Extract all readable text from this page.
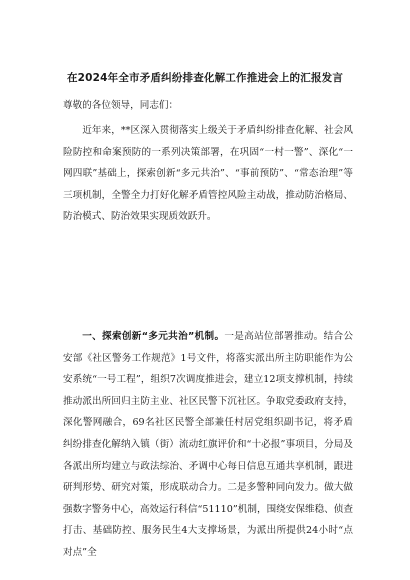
在2024年全市矛盾纠纷排查化解工作推进会上的汇报发言
尊敬的各位领导，同志们：

近年来，**区深入贯彻落实上级关于矛盾纠纷排查化解、社会风险防控和命案预防的一系列决策部署，在巩固“一村一警”、深化“一网四联”基础上，探索创新“多元共治”、“事前预防”、“常态治理”等三项机制，全警全力打好化解矛盾管控风险主动战，推动防治格局、防治模式、防治效果实现质效跃升。

一、探索创新“多元共治”机制。一是高站位部署推动。结合公安部《社区警务工作规范》1号文件，将落实派出所主防职能作为公安系统“一号工程”，组织7次调度推进会，建立12项支撑机制，持续推动派出所回归主防主业、社区民警下沉社区。争取党委政府支持，深化警网融合，69名社区民警全部兼任村居党组织副书记，将矛盾纠纷排查化解纳入镇（街）流动红旗评价和“十必报”事项目，分局及各派出所均建立与政法综治、矛调中心每日信息互通共享机制，跟进研判形势、研究对策，形成联动合力。二是多警种同向发力。做大做强数字警务中心，高效运行科信“51110”机制，围绕安保维稳、侦查打击、基础防控、服务民生4大支撑场景，为派出所提供24小时“点对点”全
